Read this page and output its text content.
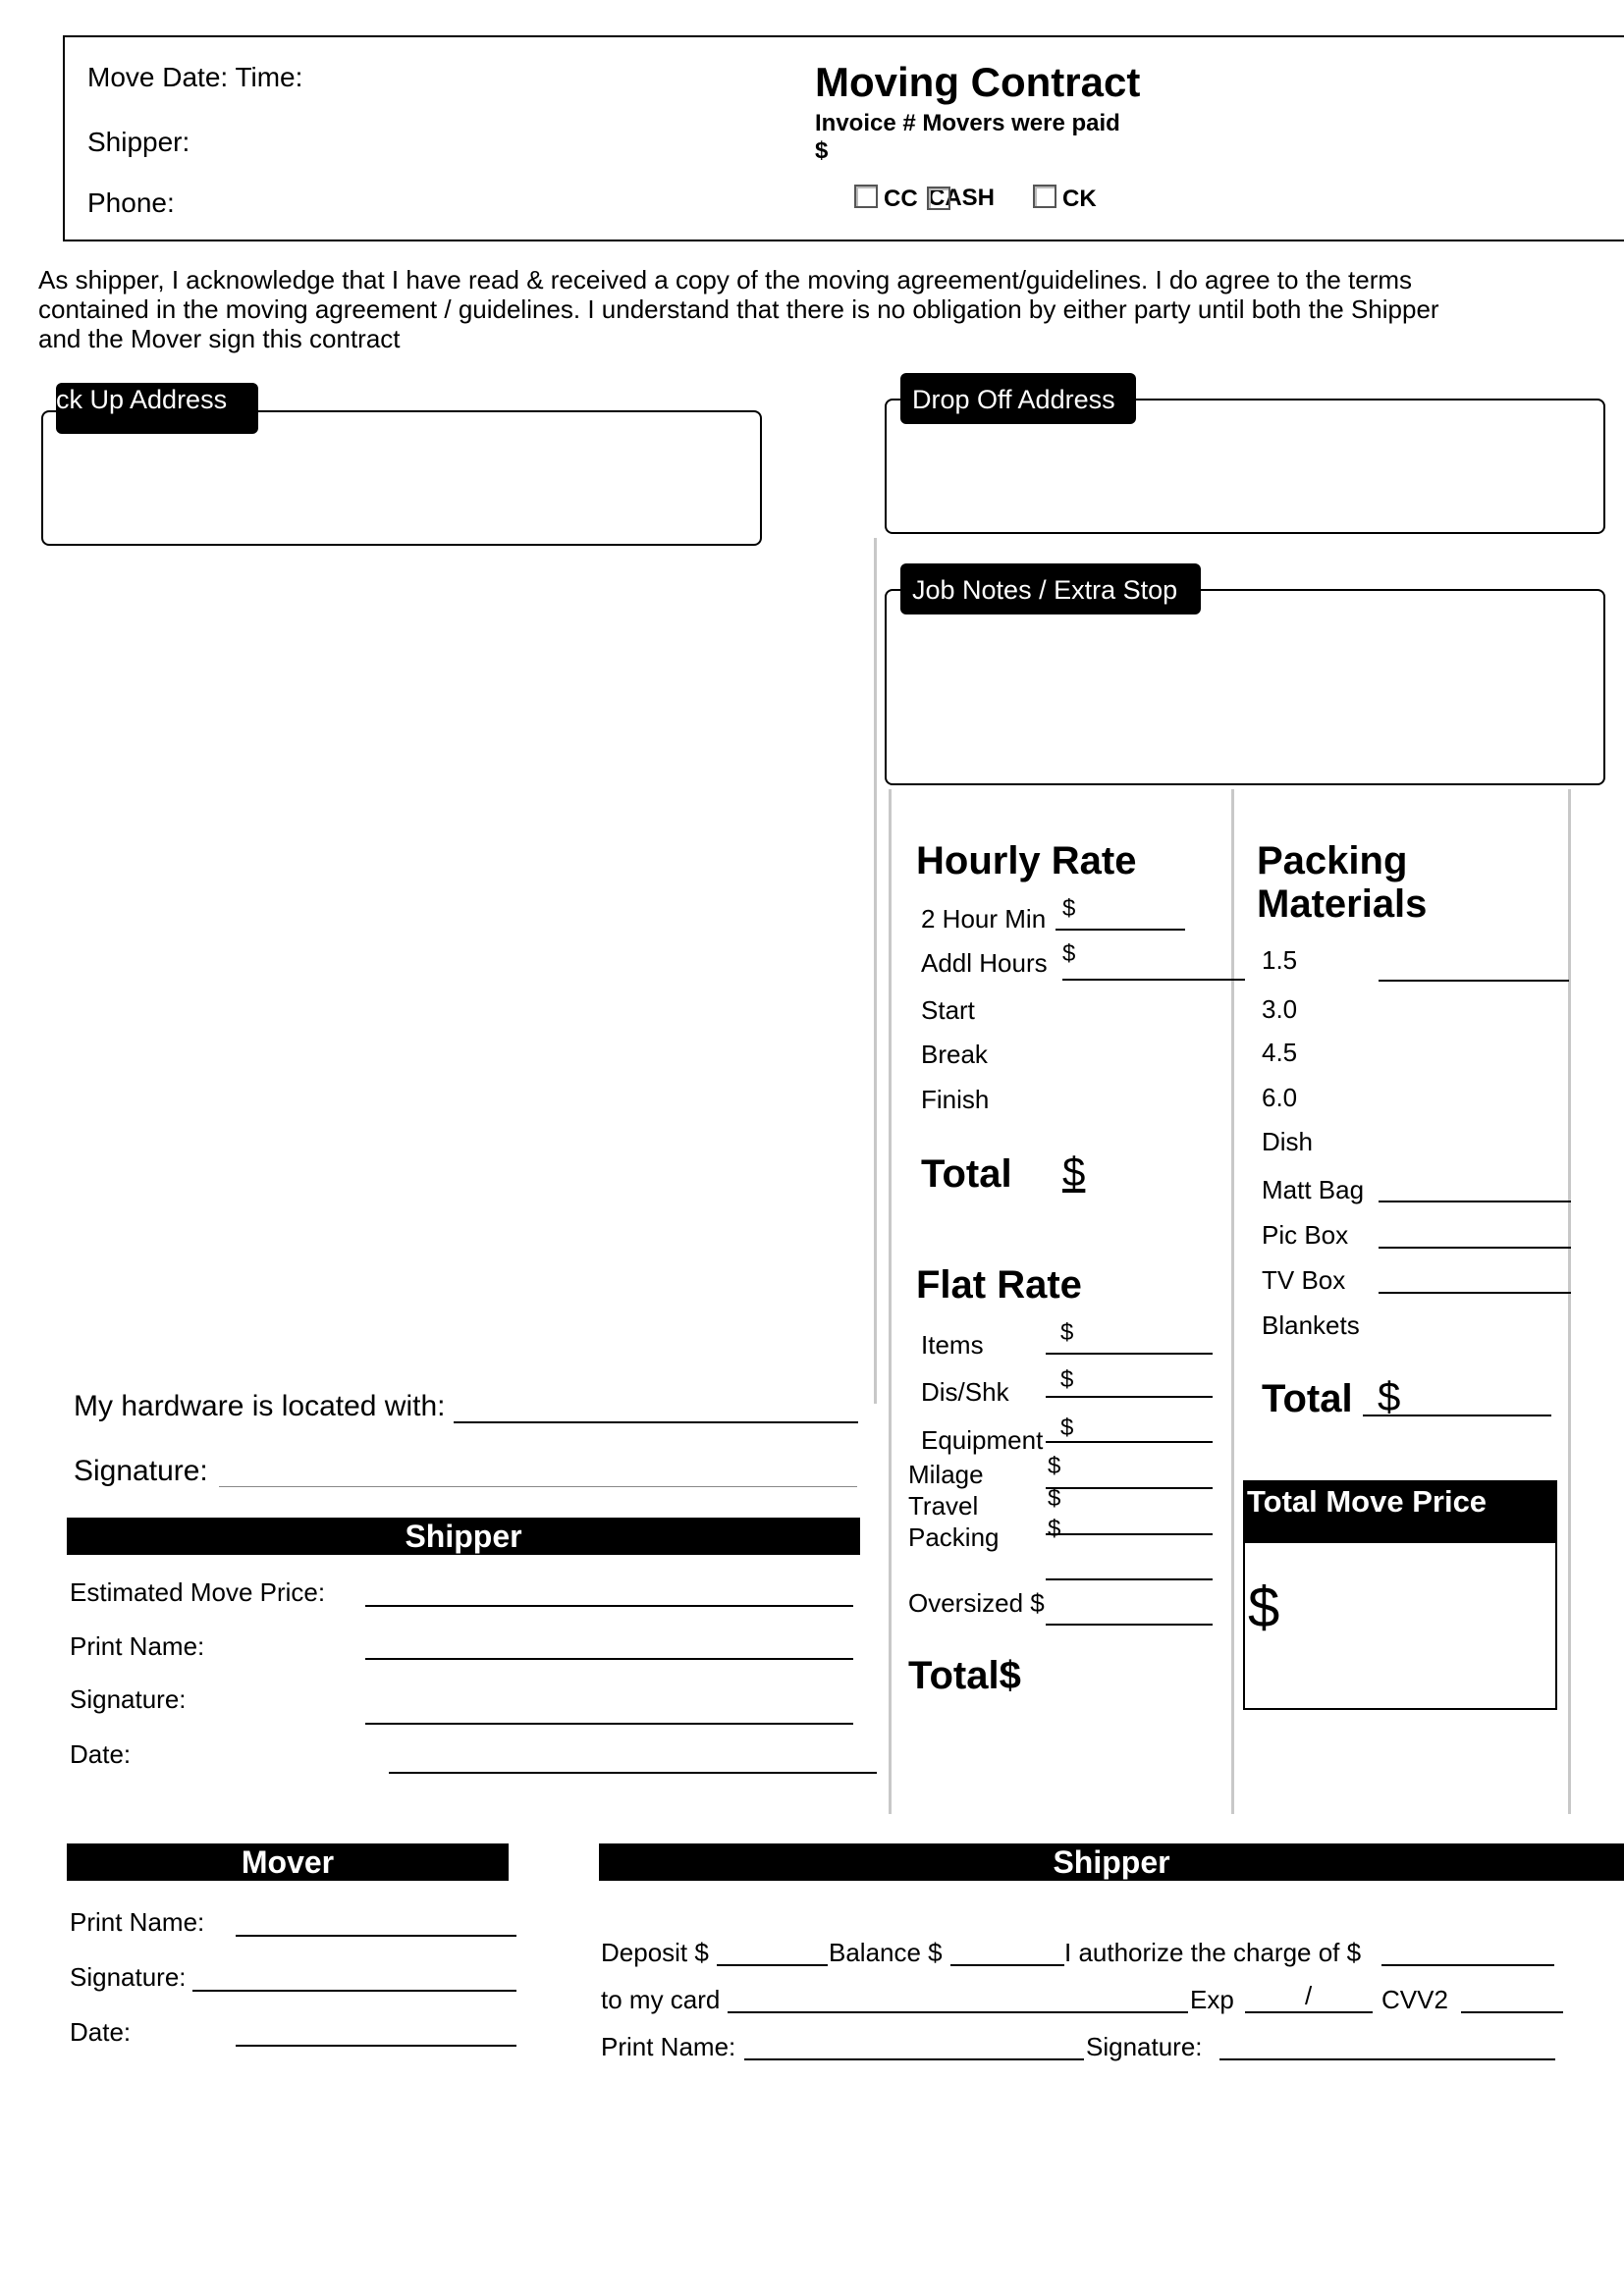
Move Date: Time:
Shipper:
Phone:
Moving Contract
Invoice # Movers were paid
$
CC CASH	CK
As shipper, I acknowledge that I have read & received a copy of the moving agreement/guidelines. I do agree to the terms
contained in the moving agreement / guidelines. I understand that there is no obligation by either party until both the Shipper
and the Mover sign this contract
ick Up Address	Drop Off Address
Job Notes / Extra Stop
Hourly Rate
2 Hour Min $
Addl Hours $
Start
Break
Finish
Total $
Flat Rate
Items	$
Dis/Shk $
Equipment $
Milage	$
Travel	$
Packing $
Oversized $
Total$
Packing
Materials
1.5
3.0
4.5
6.0
Dish
Matt Bag
Pic Box
TV Box
Blankets
Total $
Total Move Price
$
My hardware is located with:
Signature:
Shipper
Estimated Move Price:
Print Name:
Signature:
Date:
Mover
Print Name:
Signature:
Date:
Shipper
Deposit $	Balance $	I authorize the charge of $
to my card	Exp	/	CVV2
Print Name:	Signature:
